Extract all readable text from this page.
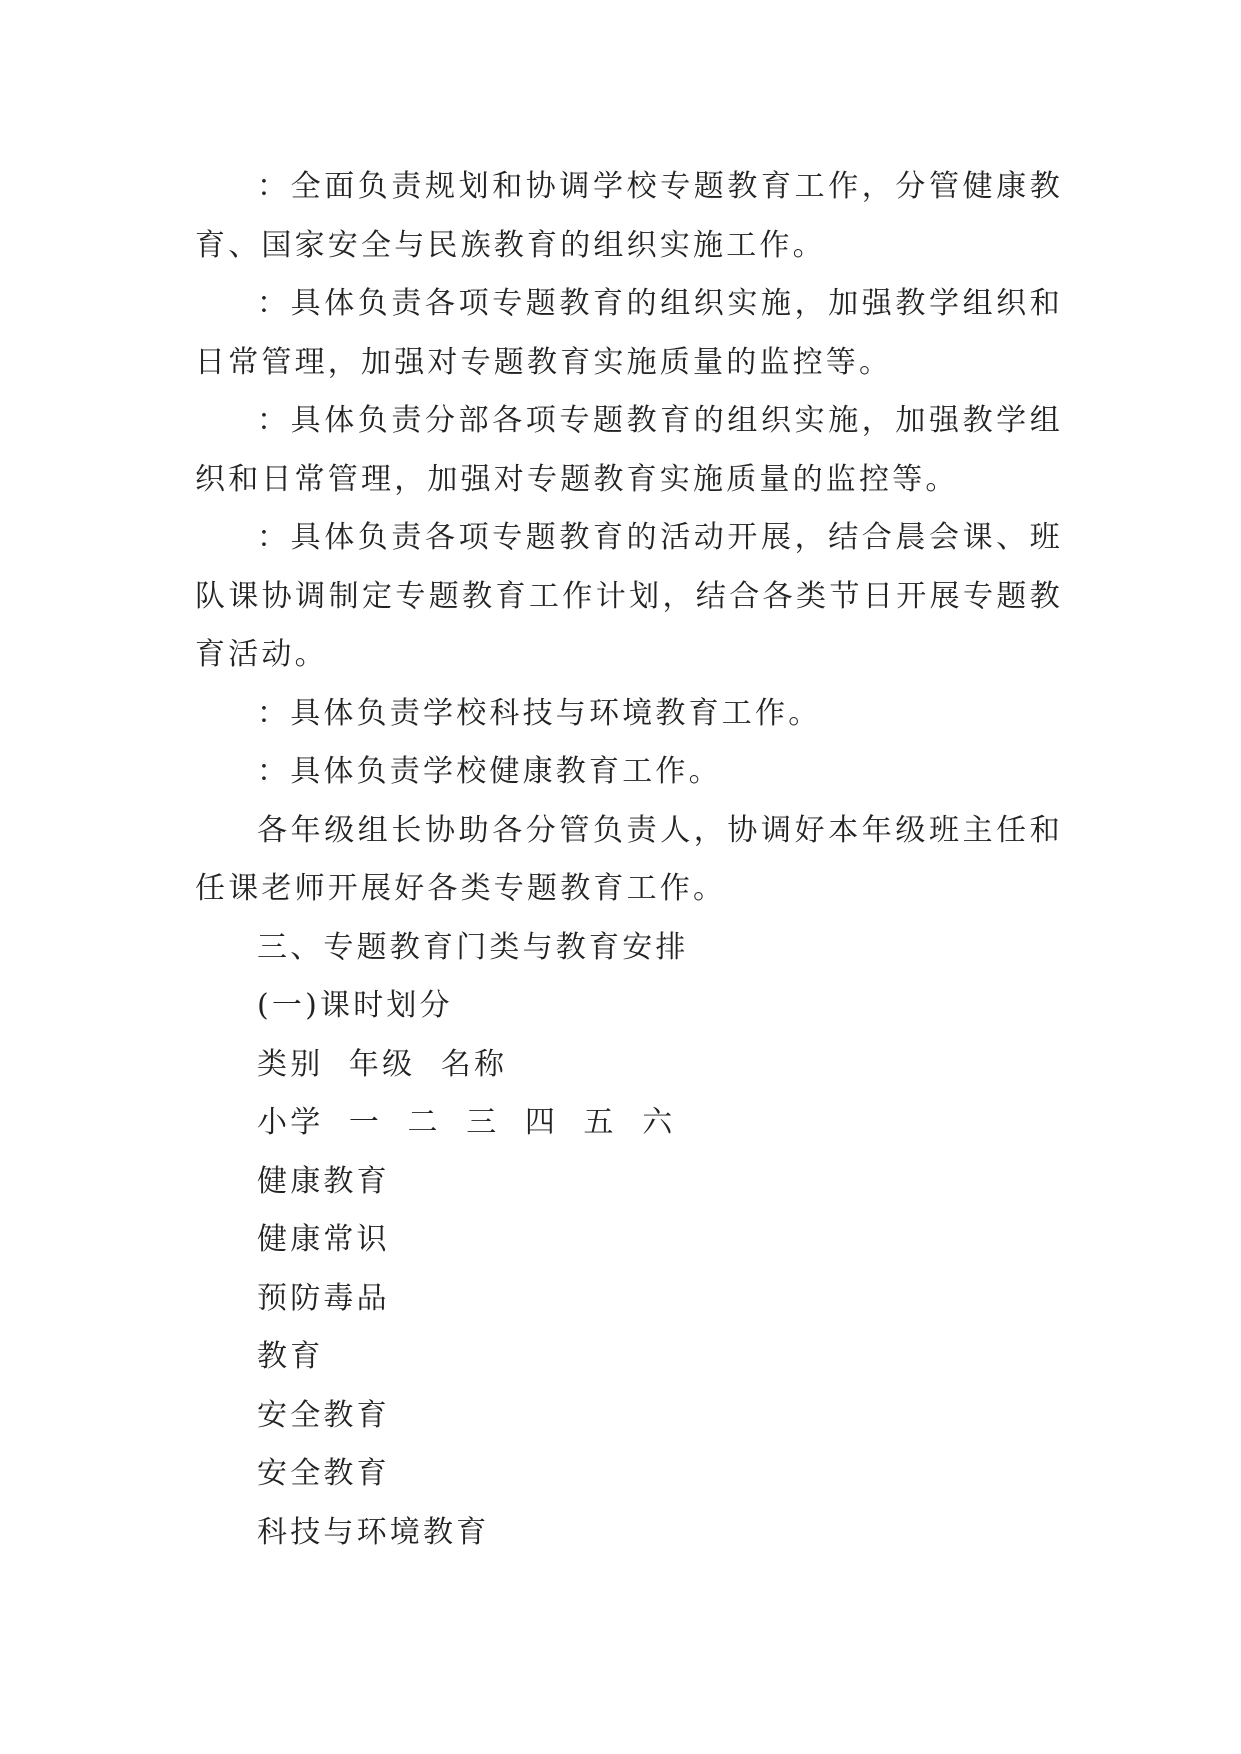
：全面负责规划和协调学校专题教育工作，分管健康教育、国家安全与民族教育的组织实施工作。

：具体负责各项专题教育的组织实施，加强教学组织和日常管理，加强对专题教育实施质量的监控等。

：具体负责分部各项专题教育的组织实施，加强教学组织和日常管理，加强对专题教育实施质量的监控等。

：具体负责各项专题教育的活动开展，结合晨会课、班队课协调制定专题教育工作计划，结合各类节日开展专题教育活动。

：具体负责学校科技与环境教育工作。

：具体负责学校健康教育工作。

各年级组长协助各分管负责人，协调好本年级班主任和任课老师开展好各类专题教育工作。

三、专题教育门类与教育安排

(一)课时划分

类别  年级  名称

小学  一  二  三  四  五  六

健康教育

健康常识

预防毒品

教育

安全教育

安全教育

科技与环境教育
